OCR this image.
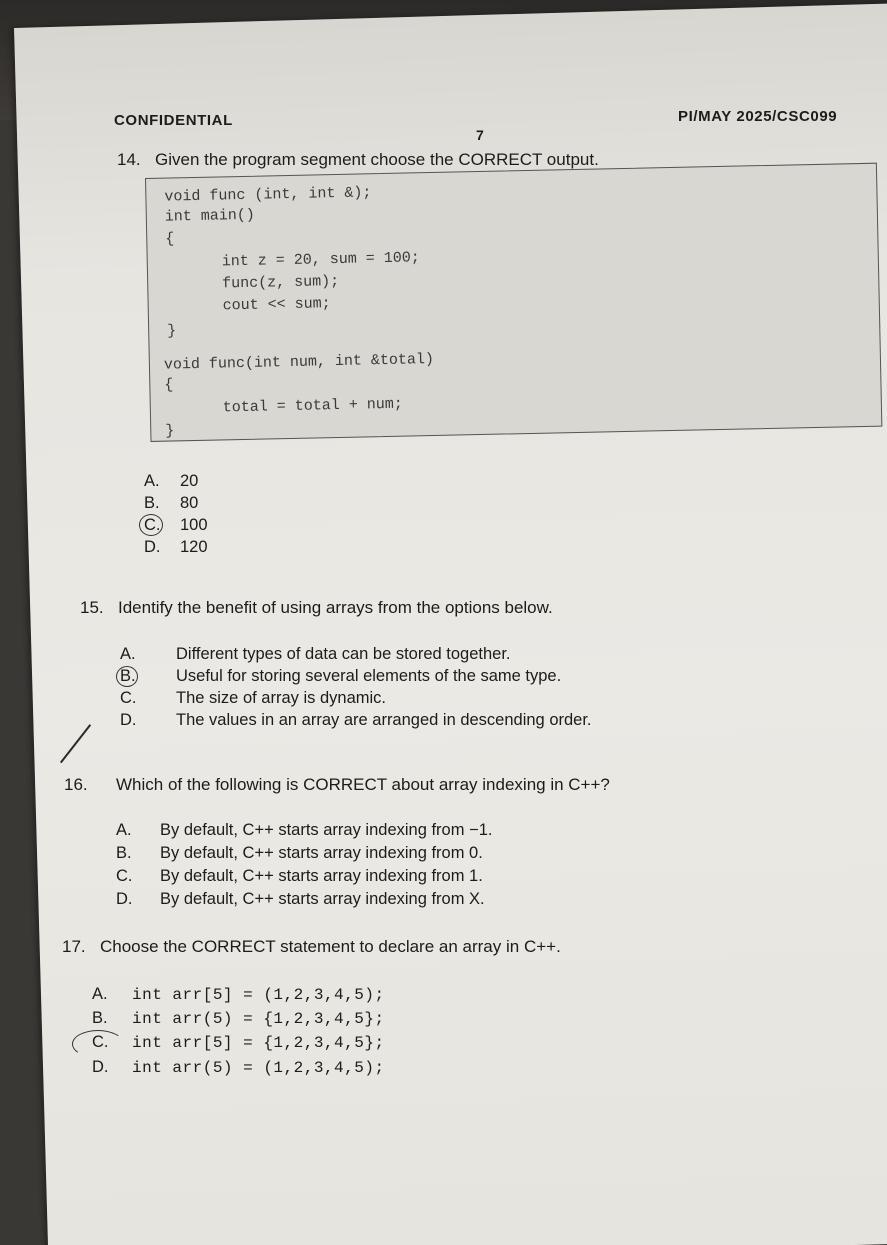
CONFIDENTIAL
7
PI/MAY 2025/CSC099
14. Given the program segment choose the CORRECT output.
void func (int, int &);
int main()
{
int z = 20, sum = 100;
func(z, sum);
cout << sum;
}
void func(int num, int &total)
{
total = total + num;
}
A. 20
B. 80
C. 100
D. 120
15. Identify the benefit of using arrays from the options below.
A. Different types of data can be stored together.
B. Useful for storing several elements of the same type.
C. The size of array is dynamic.
D. The values in an array are arranged in descending order.
16. Which of the following is CORRECT about array indexing in C++?
A. By default, C++ starts array indexing from −1.
B. By default, C++ starts array indexing from 0.
C. By default, C++ starts array indexing from 1.
D. By default, C++ starts array indexing from X.
17. Choose the CORRECT statement to declare an array in C++.
A. int arr[5] = (1,2,3,4,5);
B. int arr(5) = {1,2,3,4,5};
C. int arr[5] = {1,2,3,4,5};
D. int arr(5) = (1,2,3,4,5);
